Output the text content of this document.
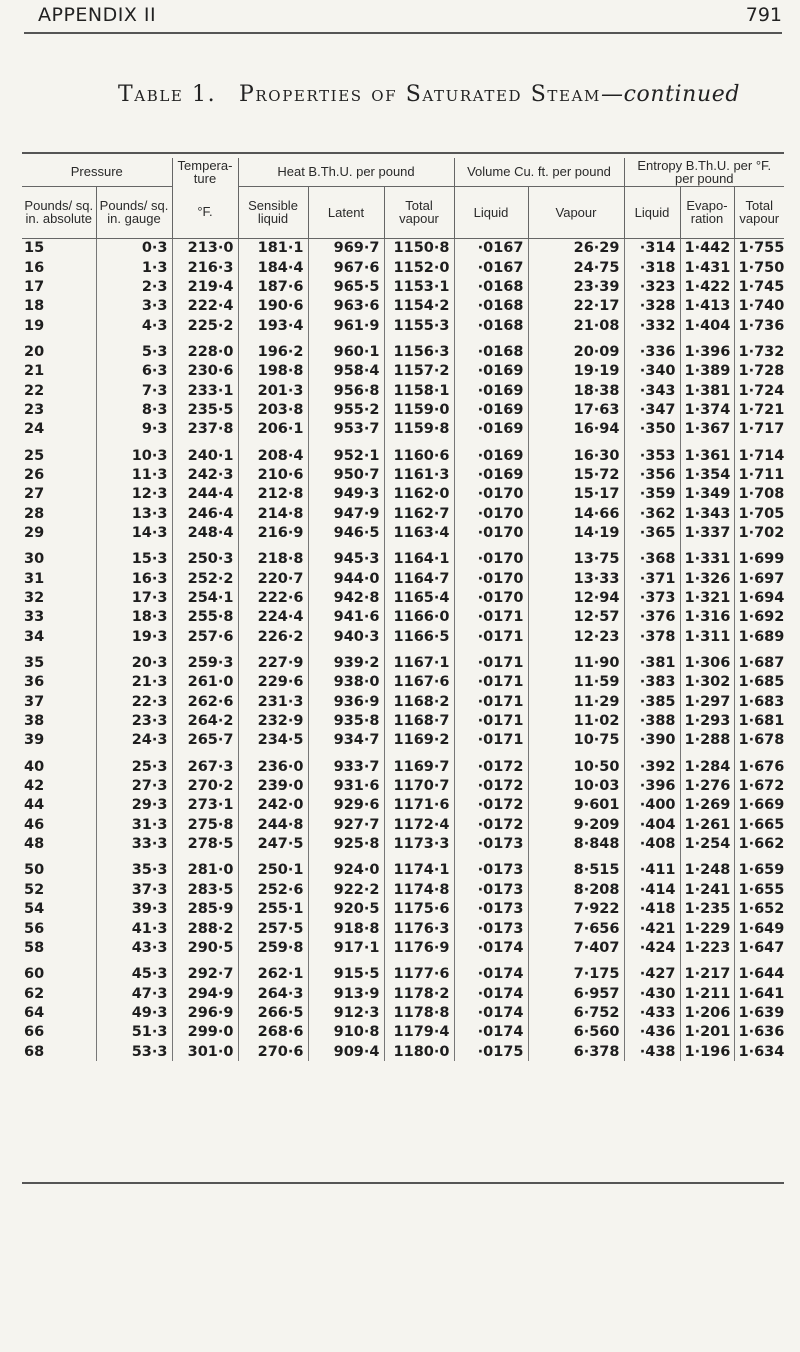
APPENDIX II	791
Table 1. Properties of Saturated Steam—continued
Pressure		Tempera-ture	Heat B.Th.U. per pound			Volume Cu. ft. per pound		Entropy B.Th.U. per °F. per pound		
Pounds/ sq. in. absolute	Pounds/ sq. in. gauge	°F.	Sensible liquid	Latent	Total vapour	Liquid	Vapour	Liquid	Evapo- ration	Total vapour
15	0·3	213·0	181·1	969·7	1150·8	·0167	26·29	·314	1·442	1·755
16	1·3	216·3	184·4	967·6	1152·0	·0167	24·75	·318	1·431	1·750
17	2·3	219·4	187·6	965·5	1153·1	·0168	23·39	·323	1·422	1·745
18	3·3	222·4	190·6	963·6	1154·2	·0168	22·17	·328	1·413	1·740
19	4·3	225·2	193·4	961·9	1155·3	·0168	21·08	·332	1·404	1·736
20	5·3	228·0	196·2	960·1	1156·3	·0168	20·09	·336	1·396	1·732
21	6·3	230·6	198·8	958·4	1157·2	·0169	19·19	·340	1·389	1·728
22	7·3	233·1	201·3	956·8	1158·1	·0169	18·38	·343	1·381	1·724
23	8·3	235·5	203·8	955·2	1159·0	·0169	17·63	·347	1·374	1·721
24	9·3	237·8	206·1	953·7	1159·8	·0169	16·94	·350	1·367	1·717
25	10·3	240·1	208·4	952·1	1160·6	·0169	16·30	·353	1·361	1·714
26	11·3	242·3	210·6	950·7	1161·3	·0169	15·72	·356	1·354	1·711
27	12·3	244·4	212·8	949·3	1162·0	·0170	15·17	·359	1·349	1·708
28	13·3	246·4	214·8	947·9	1162·7	·0170	14·66	·362	1·343	1·705
29	14·3	248·4	216·9	946·5	1163·4	·0170	14·19	·365	1·337	1·702
30	15·3	250·3	218·8	945·3	1164·1	·0170	13·75	·368	1·331	1·699
31	16·3	252·2	220·7	944·0	1164·7	·0170	13·33	·371	1·326	1·697
32	17·3	254·1	222·6	942·8	1165·4	·0170	12·94	·373	1·321	1·694
33	18·3	255·8	224·4	941·6	1166·0	·0171	12·57	·376	1·316	1·692
34	19·3	257·6	226·2	940·3	1166·5	·0171	12·23	·378	1·311	1·689
35	20·3	259·3	227·9	939·2	1167·1	·0171	11·90	·381	1·306	1·687
36	21·3	261·0	229·6	938·0	1167·6	·0171	11·59	·383	1·302	1·685
37	22·3	262·6	231·3	936·9	1168·2	·0171	11·29	·385	1·297	1·683
38	23·3	264·2	232·9	935·8	1168·7	·0171	11·02	·388	1·293	1·681
39	24·3	265·7	234·5	934·7	1169·2	·0171	10·75	·390	1·288	1·678
40	25·3	267·3	236·0	933·7	1169·7	·0172	10·50	·392	1·284	1·676
42	27·3	270·2	239·0	931·6	1170·7	·0172	10·03	·396	1·276	1·672
44	29·3	273·1	242·0	929·6	1171·6	·0172	9·601	·400	1·269	1·669
46	31·3	275·8	244·8	927·7	1172·4	·0172	9·209	·404	1·261	1·665
48	33·3	278·5	247·5	925·8	1173·3	·0173	8·848	·408	1·254	1·662
50	35·3	281·0	250·1	924·0	1174·1	·0173	8·515	·411	1·248	1·659
52	37·3	283·5	252·6	922·2	1174·8	·0173	8·208	·414	1·241	1·655
54	39·3	285·9	255·1	920·5	1175·6	·0173	7·922	·418	1·235	1·652
56	41·3	288·2	257·5	918·8	1176·3	·0173	7·656	·421	1·229	1·649
58	43·3	290·5	259·8	917·1	1176·9	·0174	7·407	·424	1·223	1·647
60	45·3	292·7	262·1	915·5	1177·6	·0174	7·175	·427	1·217	1·644
62	47·3	294·9	264·3	913·9	1178·2	·0174	6·957	·430	1·211	1·641
64	49·3	296·9	266·5	912·3	1178·8	·0174	6·752	·433	1·206	1·639
66	51·3	299·0	268·6	910·8	1179·4	·0174	6·560	·436	1·201	1·636
68	53·3	301·0	270·6	909·4	1180·0	·0175	6·378	·438	1·196	1·634
